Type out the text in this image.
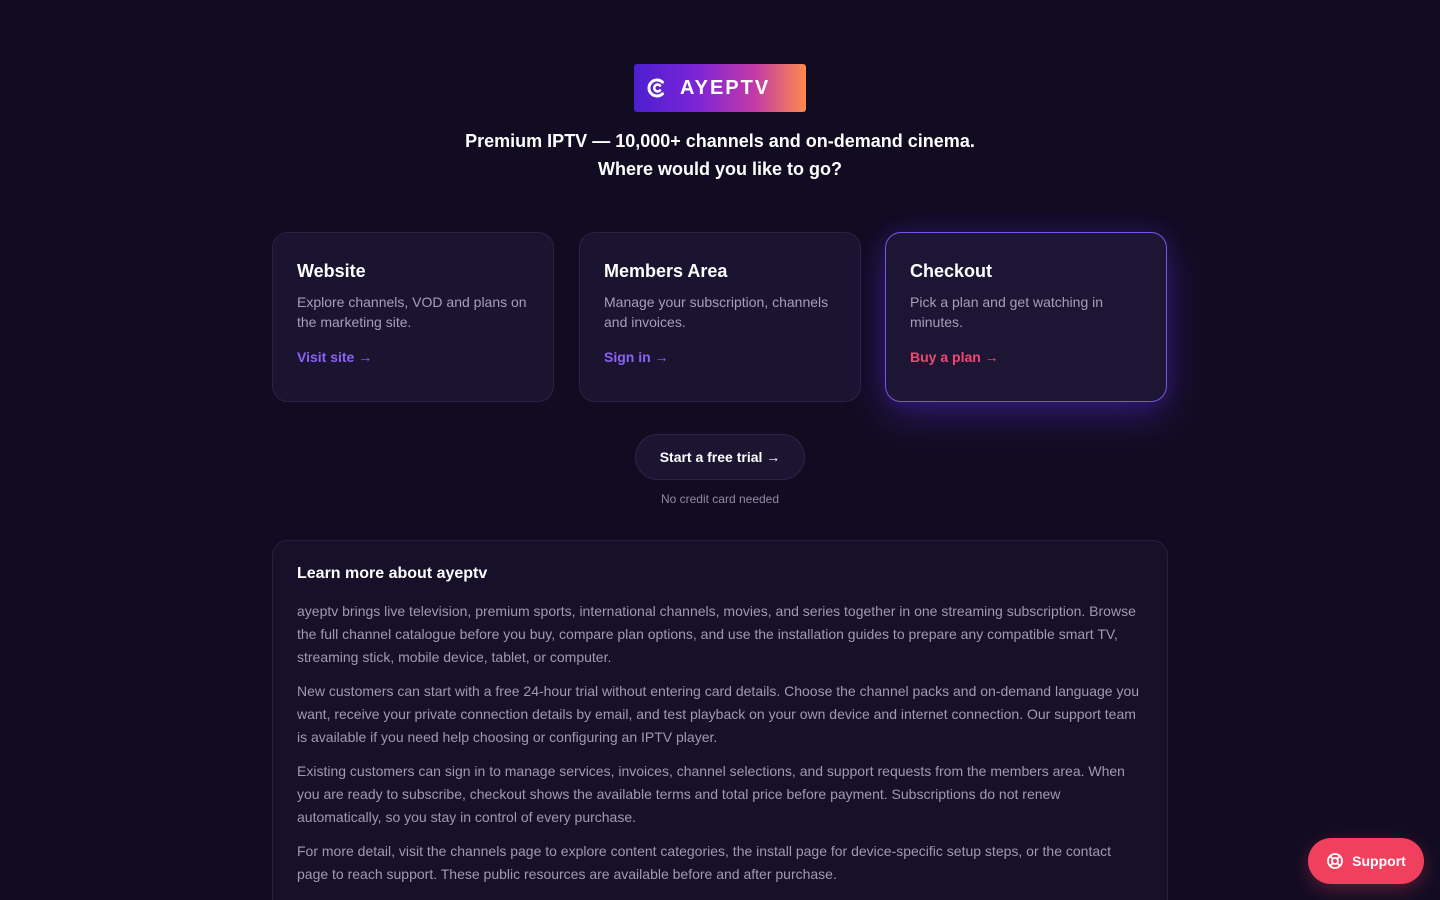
AYEPTV
Premium IPTV — 10,000+ channels and on-demand cinema. Where would you like to go?
Website
Explore channels, VOD and plans on the marketing site.
Visit site →
Members Area
Manage your subscription, channels and invoices.
Sign in →
Checkout
Pick a plan and get watching in minutes.
Buy a plan →
Start a free trial →
No credit card needed
Learn more about ayeptv

ayeptv brings live television, premium sports, international channels, movies, and series together in one streaming subscription. Browse the full channel catalogue before you buy, compare plan options, and use the installation guides to prepare any compatible smart TV, streaming stick, mobile device, tablet, or computer.

New customers can start with a free 24-hour trial without entering card details. Choose the channel packs and on-demand language you want, receive your private connection details by email, and test playback on your own device and internet connection. Our support team is available if you need help choosing or configuring an IPTV player.

Existing customers can sign in to manage services, invoices, channel selections, and support requests from the members area. When you are ready to subscribe, checkout shows the available terms and total price before payment. Subscriptions do not renew automatically, so you stay in control of every purchase.

For more detail, visit the channels page to explore content categories, the install page for device-specific setup steps, or the contact page to reach support. These public resources are available before and after purchase.

Support
